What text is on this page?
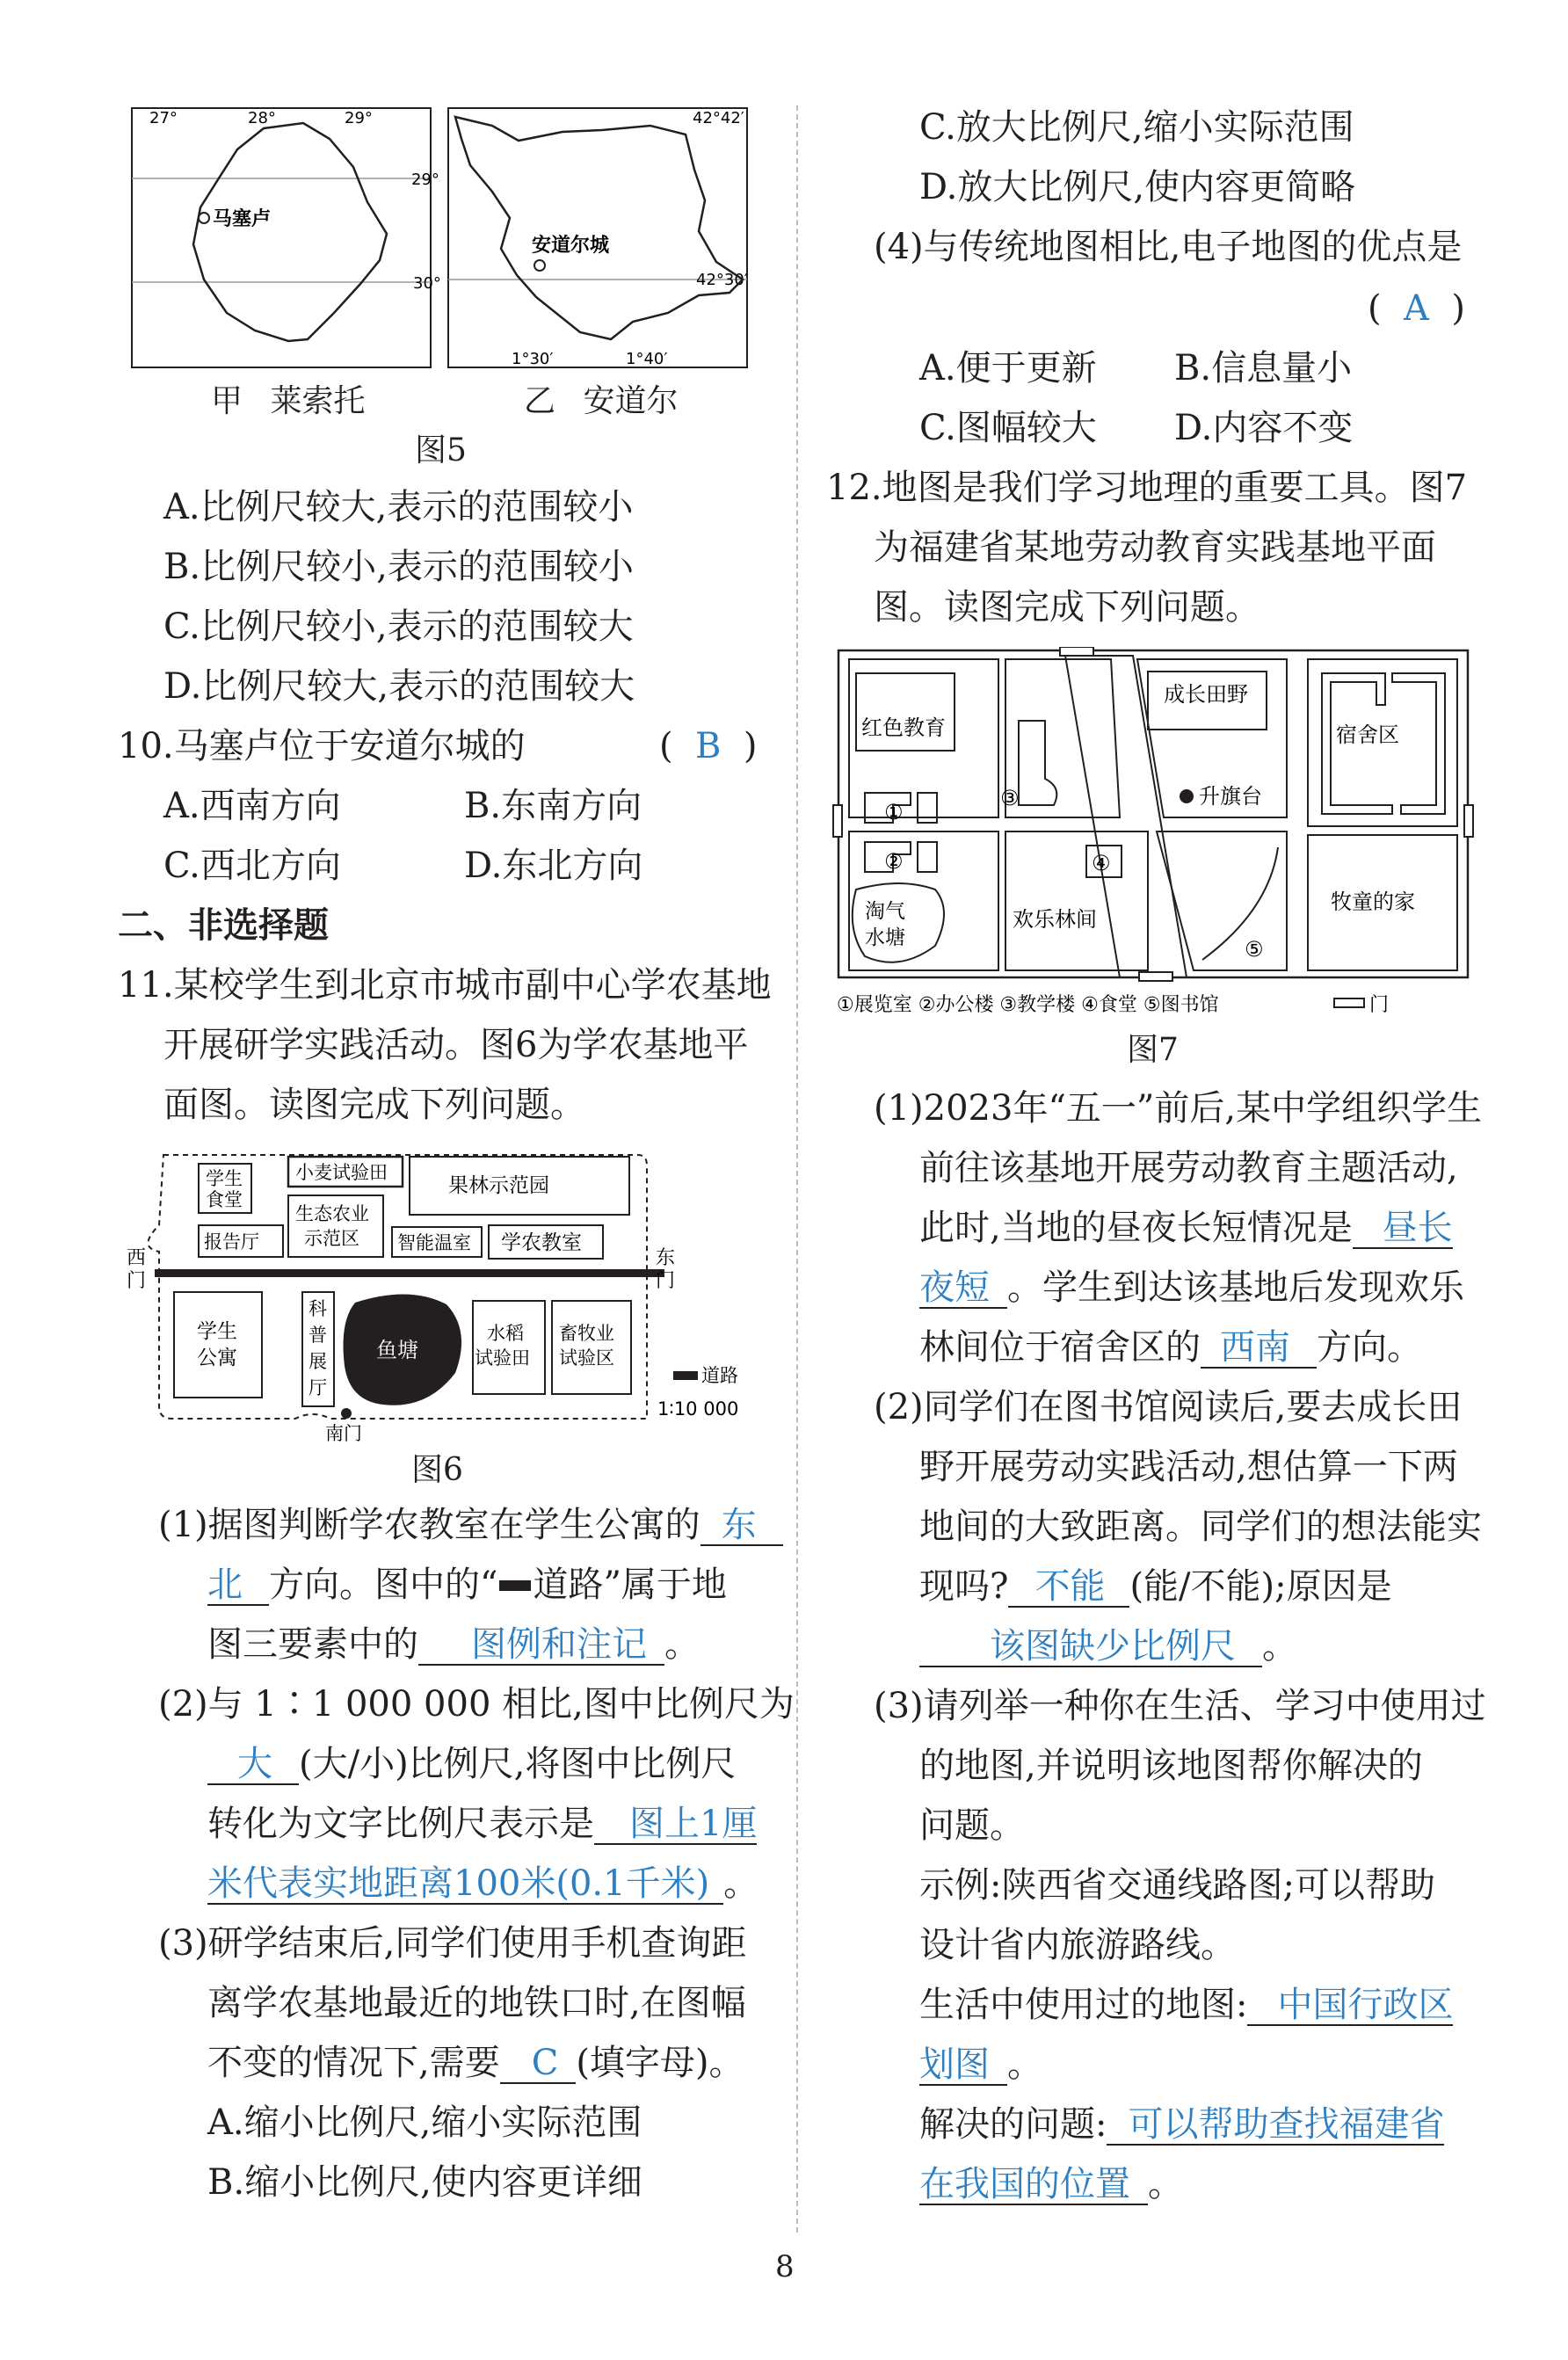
27°	28°	29°
29°
30°
马塞卢
42°42′
42°30′
1°30′	1°40′
安道尔城
甲 莱索托	乙 安道尔
图5
A.比例尺较大,表示的范围较小
B.比例尺较小,表示的范围较小
C.比例尺较小,表示的范围较大
D.比例尺较大,表示的范围较大
10.马塞卢位于安道尔城的	(  B  )
A.西南方向	B.东南方向
C.西北方向	D.东北方向
二、非选择题
11.某校学生到北京市城市副中心学农基地
开展研学实践活动。图6为学农基地平
面图。读图完成下列问题。
学生
食堂
小麦试验田
果林示范园
生态农业
示范区
报告厅	智能温室 学农教室
西
门
东
门
学生
公寓
科
普
展
厅
鱼塘
水稻
试验田
畜牧业
试验区
南门
道路
1∶10 000
图6
(1)据图判断学农教室在学生公寓的 东
北 方向。图中的“ 道路”属于地
图三要素中的 图例和注记 。
(2)与 1∶1 000 000 相比,图中比例尺为
大 (大/小)比例尺,将图中比例尺
转化为文字比例尺表示是 图上1厘
米代表实地距离100米(0.1千米) 。
(3)研学结束后,同学们使用手机查询距
离学农基地最近的地铁口时,在图幅
不变的情况下,需要 C (填字母)。
A.缩小比例尺,缩小实际范围
B.缩小比例尺,使内容更详细
C.放大比例尺,缩小实际范围
D.放大比例尺,使内容更简略
(4)与传统地图相比,电子地图的优点是
(  A  )
A.便于更新 B.信息量小
C.图幅较大 D.内容不变
12.地图是我们学习地理的重要工具。图7
为福建省某地劳动教育实践基地平面
图。读图完成下列问题。
红色教育
③
成长田野
升旗台
宿舍区
①
②
淘气
水塘
欢乐林间
④
⑤
牧童的家
①展览室 ②办公楼 ③教学楼 ④食堂 ⑤图书馆	门
图7
(1)2023年“五一”前后,某中学组织学生
前往该基地开展劳动教育主题活动,
此时,当地的昼夜长短情况是 昼长
夜短 。学生到达该基地后发现欢乐
林间位于宿舍区的 西南 方向。
(2)同学们在图书馆阅读后,要去成长田
野开展劳动实践活动,想估算一下两
地间的大致距离。同学们的想法能实
现吗? 不能 (能/不能);原因是
该图缺少比例尺 。
(3)请列举一种你在生活、学习中使用过
的地图,并说明该地图帮你解决的
问题。
示例:陕西省交通线路图;可以帮助
设计省内旅游路线。
生活中使用过的地图: 中国行政区
划图 。
解决的问题: 可以帮助查找福建省
在我国的位置 。
8
